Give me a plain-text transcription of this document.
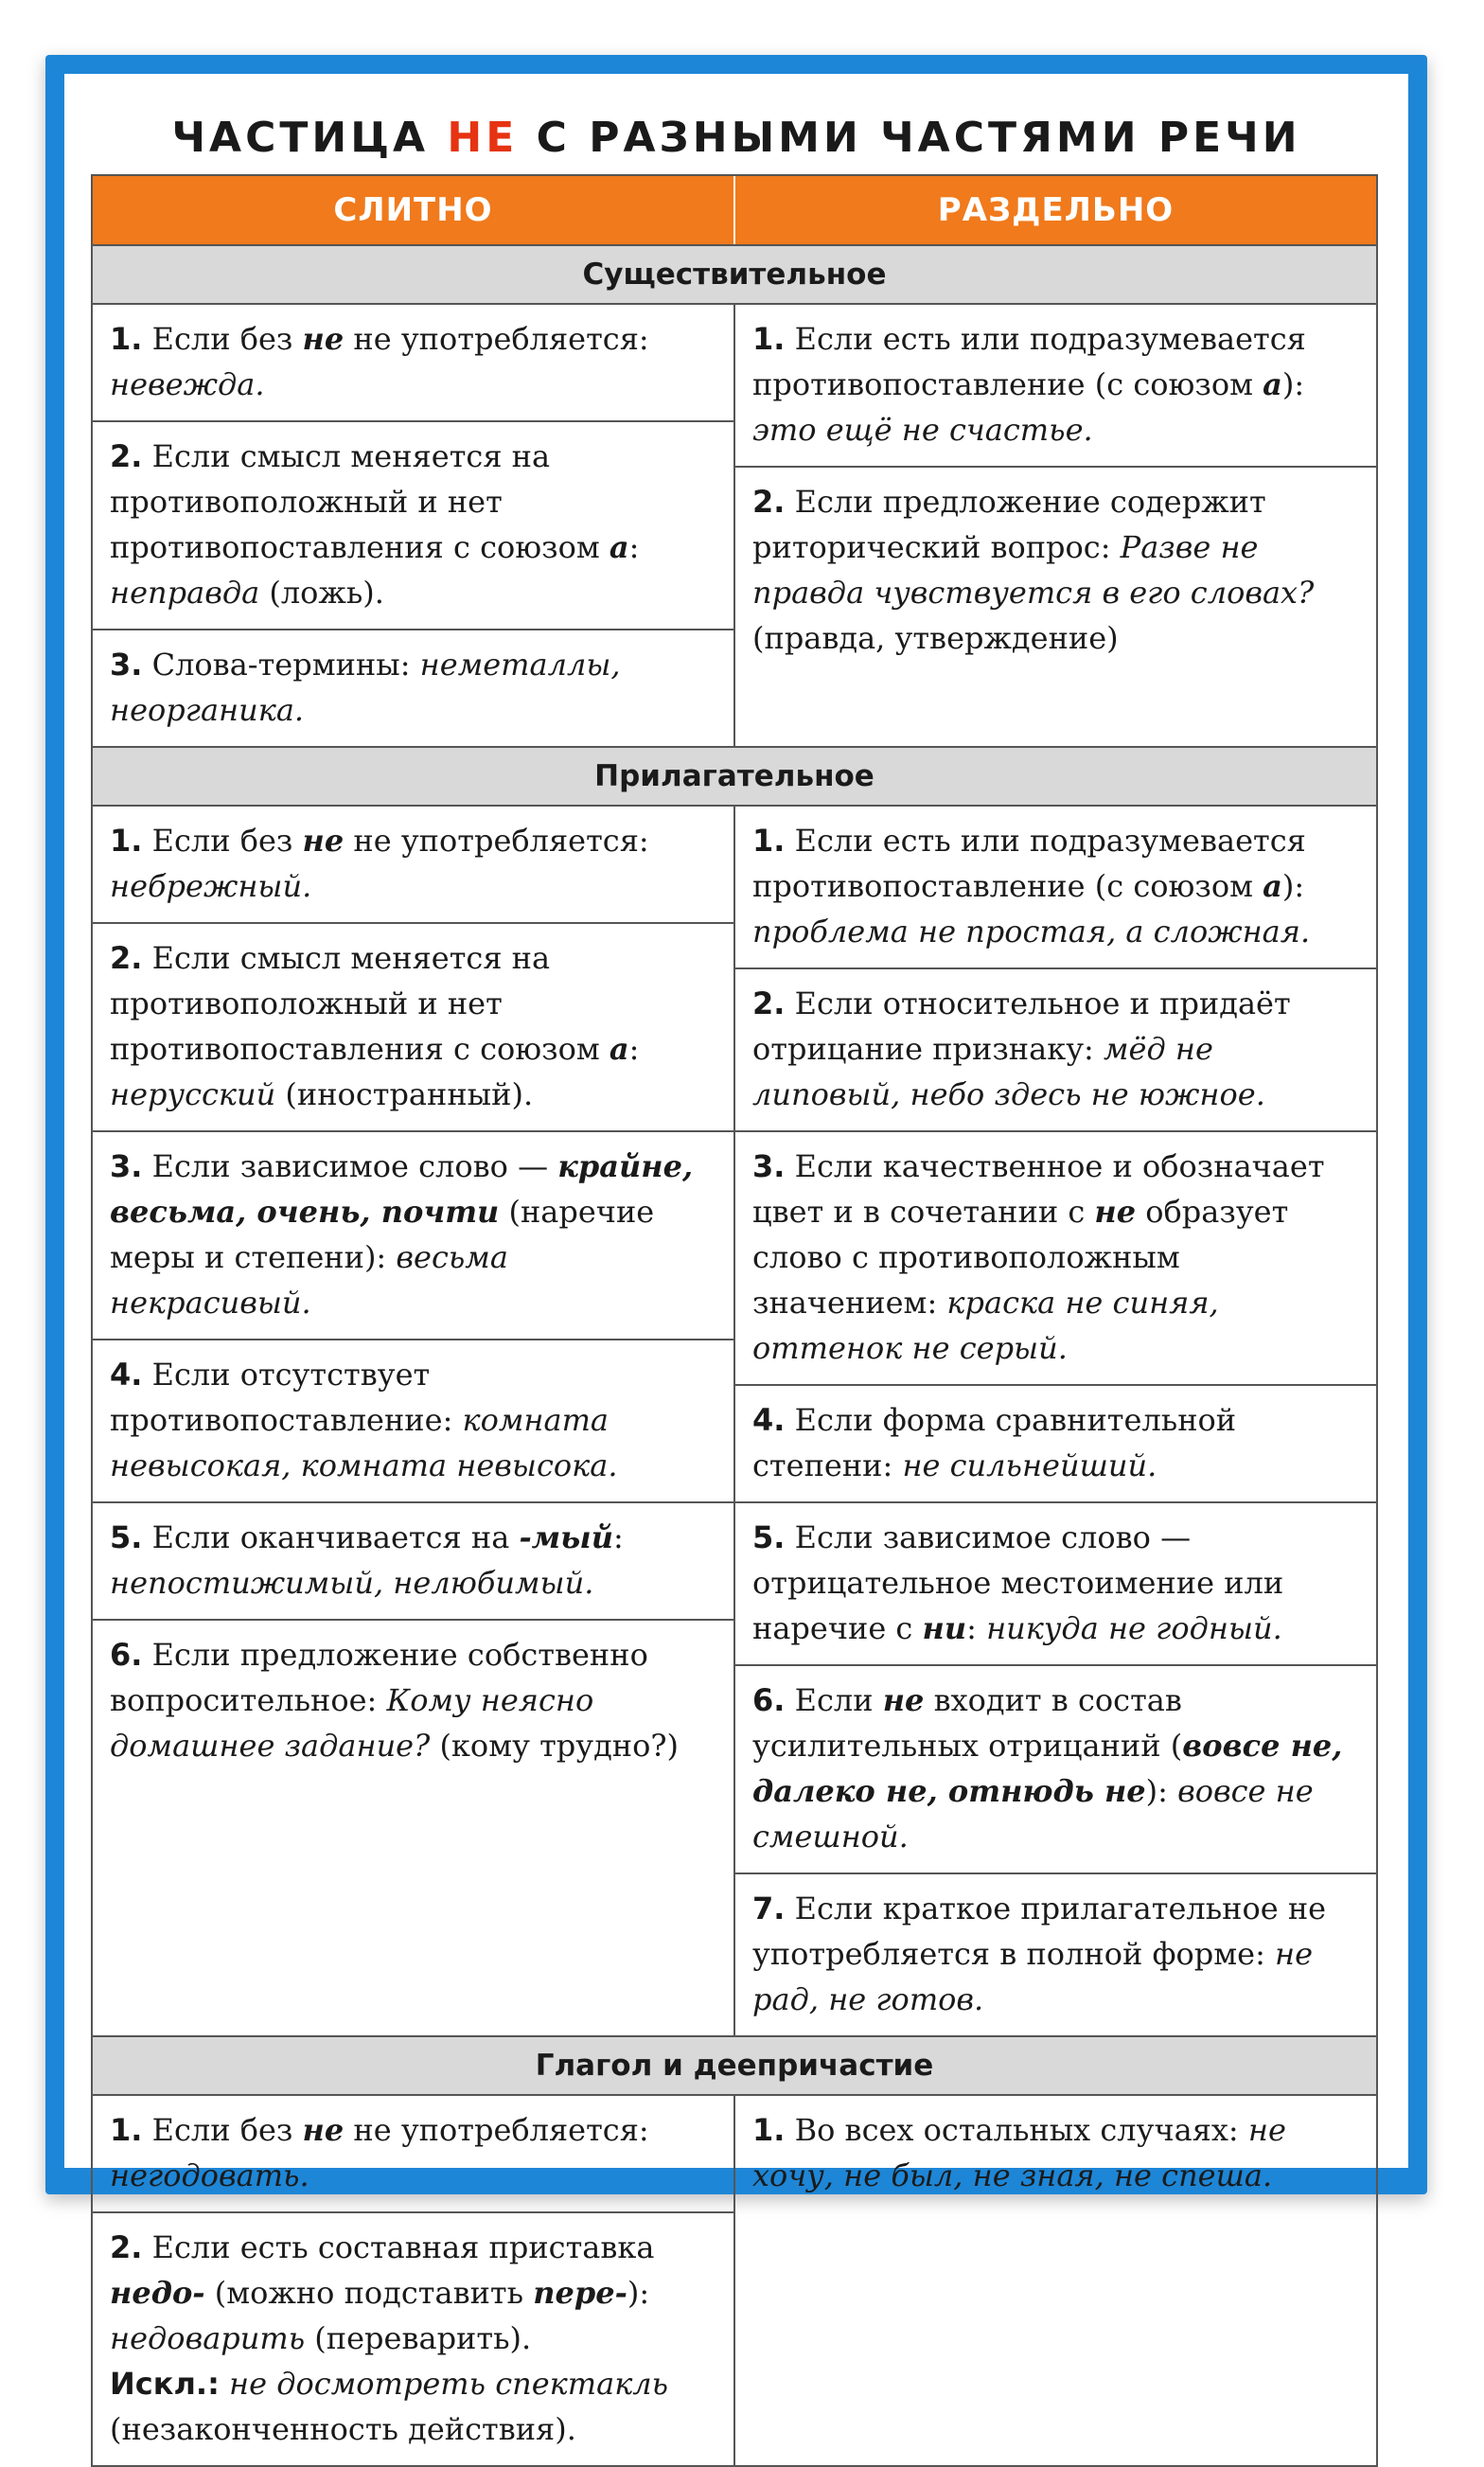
ЧАСТИЦА НЕ С РАЗНЫМИ ЧАСТЯМИ РЕЧИ
СЛИТНО	РАЗДЕЛЬНО
Существительное
1. Если без не не употребляется: невежда.
2. Если смысл меняется на противоположный и нет противопоставления с союзом а: неправда (ложь).
3. Слова-термины: неметаллы, неорганика.
1. Если есть или подразумевается противопоставление (с союзом а): это ещё не счастье.
2. Если предложение содержит риторический вопрос: Разве не правда чувствуется в его словах? (правда, утверждение)
Прилагательное
1. Если без не не употребляется: небрежный.
2. Если смысл меняется на противоположный и нет противопоставления с союзом а: нерусский (иностранный).
3. Если зависимое слово — крайне, весьма, очень, почти (наречие меры и степени): весьма некрасивый.
4. Если отсутствует противопоставление: комната невысокая, комната невысока.
5. Если оканчивается на -мый: непостижимый, нелюбимый.
6. Если предложение собственно вопросительное: Кому неясно домашнее задание? (кому трудно?)
1. Если есть или подразумевается противопоставление (с союзом а): проблема не простая, а сложная.
2. Если относительное и придаёт отрицание признаку: мёд не липовый, небо здесь не южное.
3. Если качественное и обозначает цвет и в сочетании с не образует слово с противоположным значением: краска не синяя, оттенок не серый.
4. Если форма сравнительной степени: не сильнейший.
5. Если зависимое слово — отрицательное местоимение или наречие с ни: никуда не годный.
6. Если не входит в состав усилительных отрицаний (вовсе не, далеко не, отнюдь не): вовсе не смешной.
7. Если краткое прилагательное не употребляется в полной форме: не рад, не готов.
Глагол и деепричастие
1. Если без не не употребляется: негодовать.
2. Если есть составная приставка недо- (можно подставить пере-): недоварить (переварить).
Искл.: не досмотреть спектакль (незаконченность действия).
1. Во всех остальных случаях: не хочу, не был, не зная, не спеша.
